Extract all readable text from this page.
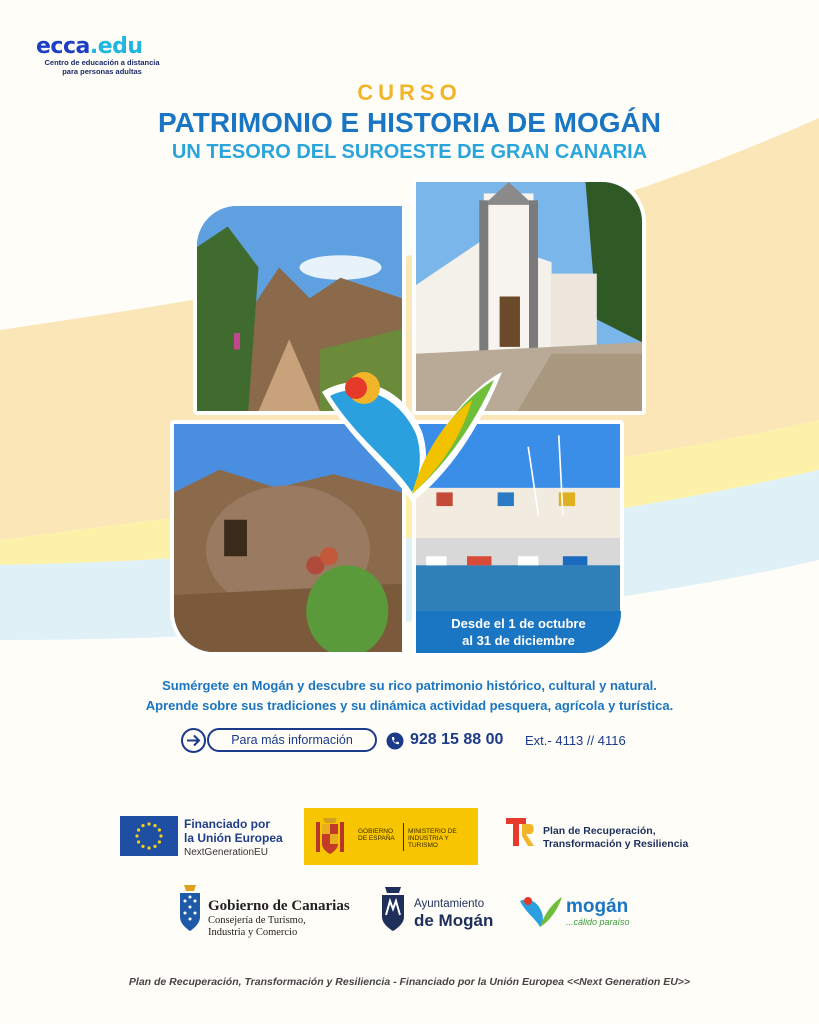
ecca.edu
Centro de educación a distancia
para personas adultas
CURSO
PATRIMONIO E HISTORIA DE MOGÁN
UN TESORO DEL SUROESTE DE GRAN CANARIA
Desde el 1 de octubre
al 31 de diciembre
Sumérgete en Mogán y descubre su rico patrimonio histórico, cultural y natural.
Aprende sobre sus tradiciones y su dinámica actividad pesquera, agrícola y turística.
Para más información	928 15 88 00 Ext.- 4113 // 4116
Financiado por
la Unión Europea
NextGenerationEU
GOBIERNO DE ESPAÑA
MINISTERIO DE INDUSTRIA Y TURISMO
Plan de Recuperación,
Transformación y Resiliencia
Gobierno de Canarias
Consejería de Turismo,
Industria y Comercio
Ayuntamiento
de Mogán
mogán
...cálido paraíso
Plan de Recuperación, Transformación y Resiliencia - Financiado por la Unión Europea <<Next Generation EU>>
